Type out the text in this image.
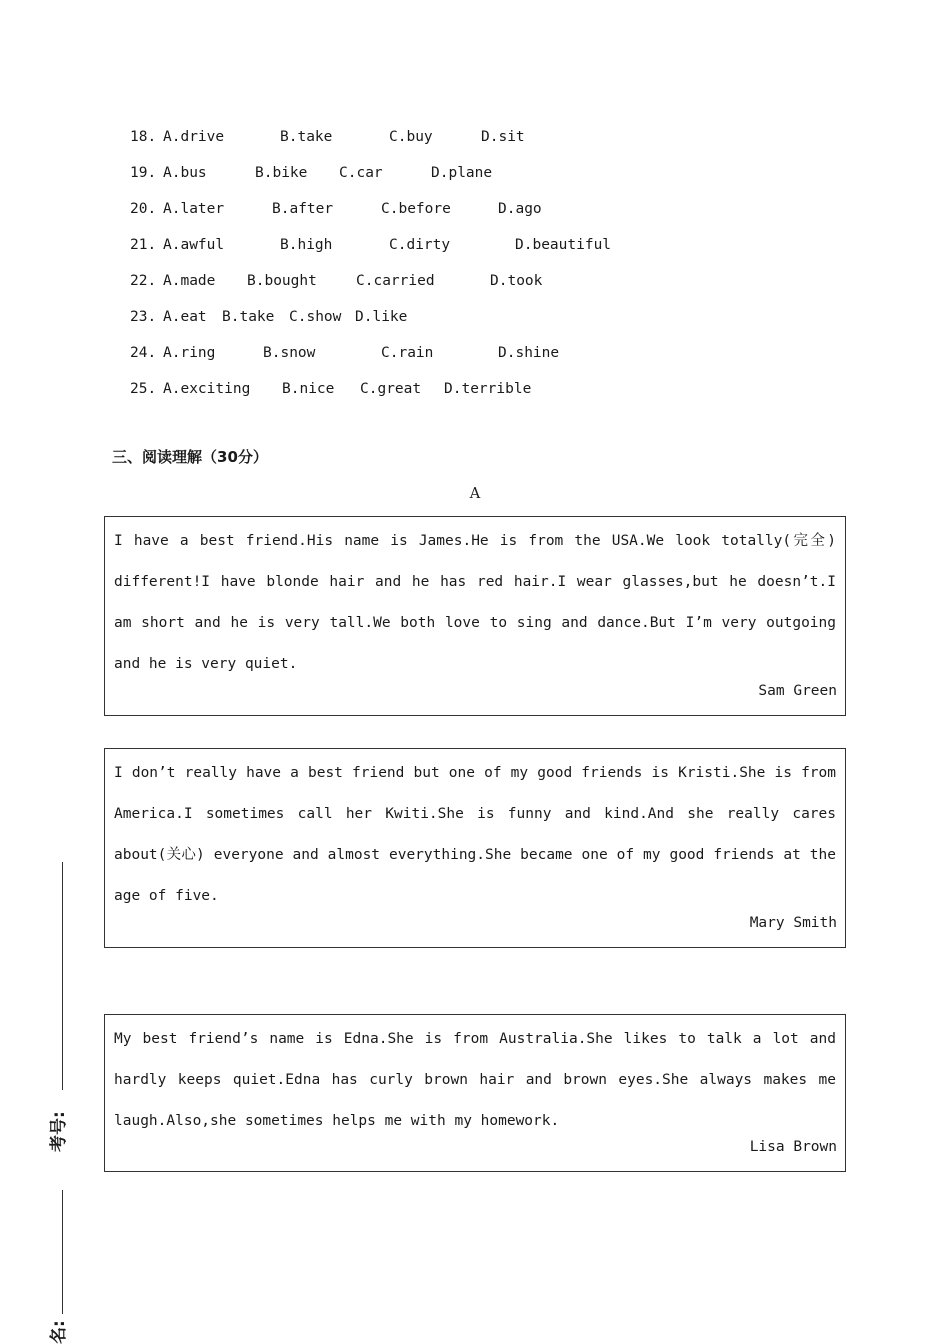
18. A.drive	B.take	C.buy	D.sit
19. A.bus	B.bike C.car	D.plane
20. A.later	B.after	C.before	D.ago
21. A.awful	B.high	C.dirty	D.beautiful
22. A.made B.bought	C.carried	D.took
23. A.eat B.take C.show D.like
24. A.ring	B.snow	C.rain	D.shine
25. A.exciting B.nice C.great D.terrible
三、阅读理解（30分）
A
I have a best friend.His name is James.He is from the USA.We look totally(完全) different!I have blonde hair and he has red hair.I wear glasses,but he doesn’t.I am short and he is very tall.We both love to sing and dance.But I’m very outgoing and he is very quiet.
Sam Green
I don’t really have a best friend but one of my good friends is Kristi.She is from America.I sometimes call her Kwiti.She is funny and kind.And she really cares about(关心) everyone and almost everything.She became one of my good friends at the age of five.
Mary Smith
My best friend’s name is Edna.She is from Australia.She likes to talk a lot and hardly keeps quiet.Edna has curly brown hair and brown eyes.She always makes me laugh.Also,she sometimes helps me with my homework.
Lisa Brown
考号:
名:
